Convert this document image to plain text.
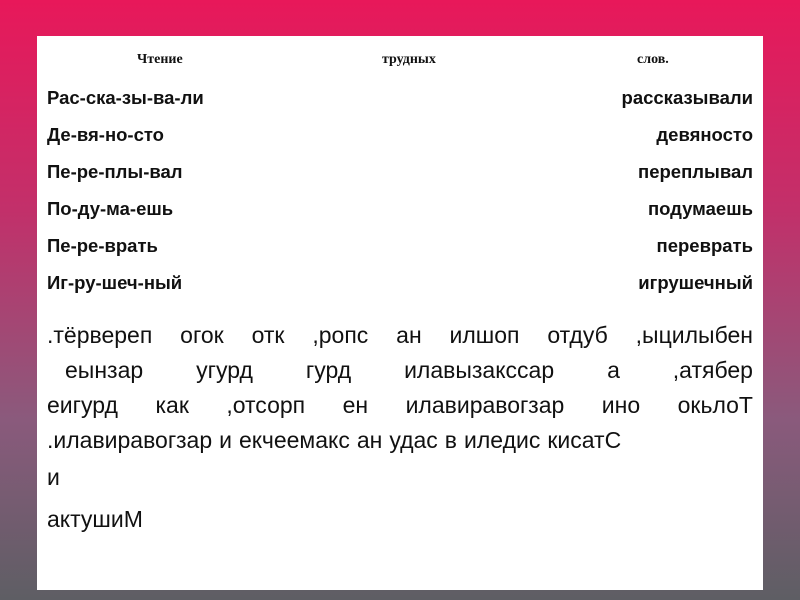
Чтение	трудных	слов.
Рас-ска-зы-ва-ли	рассказывали
Де-вя-но-сто	девяносто
Пе-ре-плы-вал	переплывал
По-ду-ма-ешь	подумаешь
Пе-ре-врать	переврать
Иг-ру-шеч-ный	игрушечный
.тёрвереп огок отк ,ропс ан илшоп отдуб ,ыцилыбен
еынзар угурд гурд илавызакссар а ,атябер
еигурд как ,отсорп ен илавиравогзар ино окьлоТ
.илавиравогзар и екчеемакс ан удас в иледис кисатС
и
актушиМ
